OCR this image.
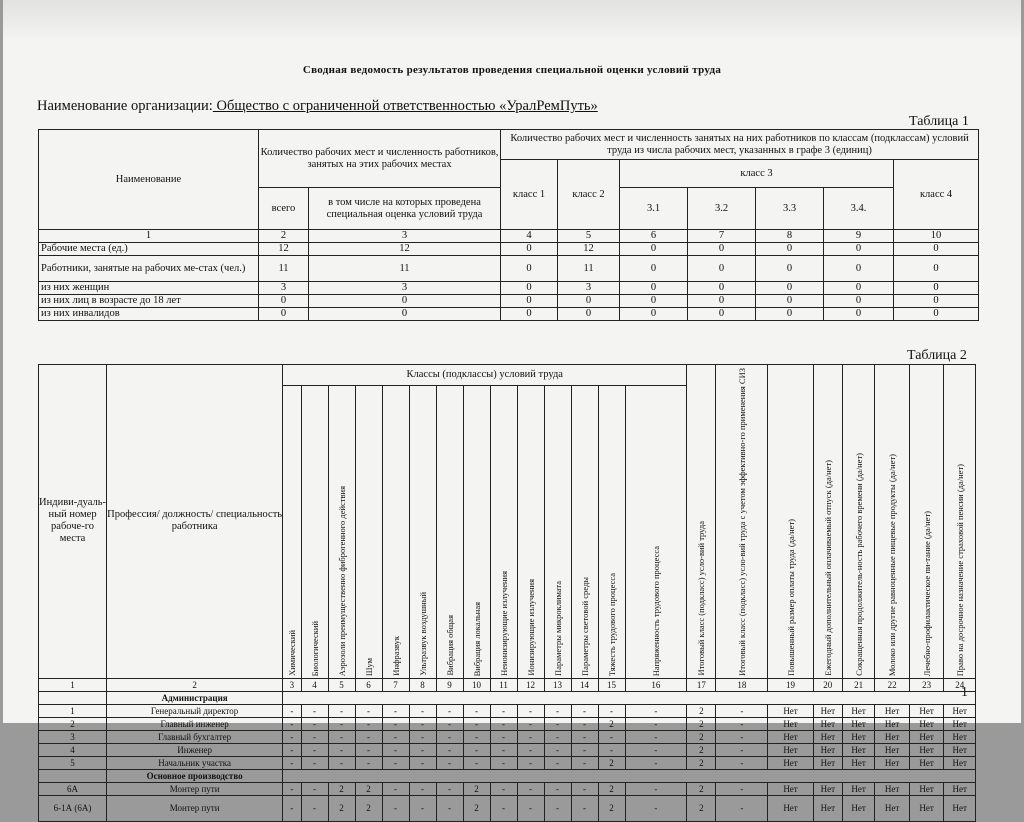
Сводная ведомость результатов проведения специальной оценки условий труда
Наименование организации: Общество с ограниченной ответственностью «УралРемПуть»
Таблица 1
Наименование	Количество рабочих мест и численность работников, занятых на этих рабочих местах		Количество рабочих мест и численность занятых на них работников по классам (подклассам) условий труда из числа рабочих мест, указанных в графе 3 (единиц)						
			класс 1	класс 2	класс 3				класс 4
	всего	в том числе на которых проведена специальная оценка условий труда			3.1	3.2	3.3	3.4.	
1	2	3	4	5	6	7	8	9	10
Рабочие места (ед.)	12	12	0	12	0	0	0	0	0
Работники, занятые на рабочих ме-стах (чел.)	11	11	0	11	0	0	0	0	0
из них женщин	3	3	0	3	0	0	0	0	0
из них лиц в возрасте до 18 лет	0	0	0	0	0	0	0	0	0
из них инвалидов	0	0	0	0	0	0	0	0	0
Таблица 2
Индиви-дуаль-ный номер рабоче-го места	Профессия/ должность/ специальность работника	Классы (подклассы) условий труда														Итоговый класс (подкласс) усло-вий труда	Итоговый класс (подкласс) усло-вий труда с учетом эффективно-го применения СИЗ	Повышенный размер оплаты труда (да/нет)	Ежегодный дополнительный оплачиваемый отпуск (да/нет)	Сокращенная продолжитель-ность рабочего времени (да/нет)	Молоко или другие равноценные пищевые продукты (да/нет)	Лечебно-профилактическое пи-тание (да/нет)	Право на досрочное назначение страховой пенсии (да/нет)
		Химический	Биологический	Аэрозоли преимущественно фиброгенного действия	Шум	Инфразвук	Ультразвук воздушный	Вибрация общая	Вибрация локальная	Неионизирующие излучения	Ионизирующие излучения	Параметры микроклимата	Параметры световой среды	Тяжесть трудового процесса	Напряженность трудового процесса								
1	2	3	4	5	6	7	8	9	10	11	12	13	14	15	16	17	18	19	20	21	22	23	24
	Администрация																						
1	Генеральный директор	-	-	-	-	-	-	-	-	-	-	-	-	-	-	2	-	Нет	Нет	Нет	Нет	Нет	Нет
2	Главный инженер	-	-	-	-	-	-	-	-	-	-	-	-	2	-	2	-	Нет	Нет	Нет	Нет	Нет	Нет
3	Главный бухгалтер	-	-	-	-	-	-	-	-	-	-	-	-	-	-	2	-	Нет	Нет	Нет	Нет	Нет	Нет
4	Инженер	-	-	-	-	-	-	-	-	-	-	-	-	-	-	2	-	Нет	Нет	Нет	Нет	Нет	Нет
5	Начальник участка	-	-	-	-	-	-	-	-	-	-	-	-	2	-	2	-	Нет	Нет	Нет	Нет	Нет	Нет
	Основное производство																						
6А	Монтер пути	-	-	2	2	-	-	-	2	-	-	-	-	2	-	2	-	Нет	Нет	Нет	Нет	Нет	Нет
6-1А (6А)	Монтер пути	-	-	2	2	-	-	-	2	-	-	-	-	2	-	2	-	Нет	Нет	Нет	Нет	Нет	Нет
1
